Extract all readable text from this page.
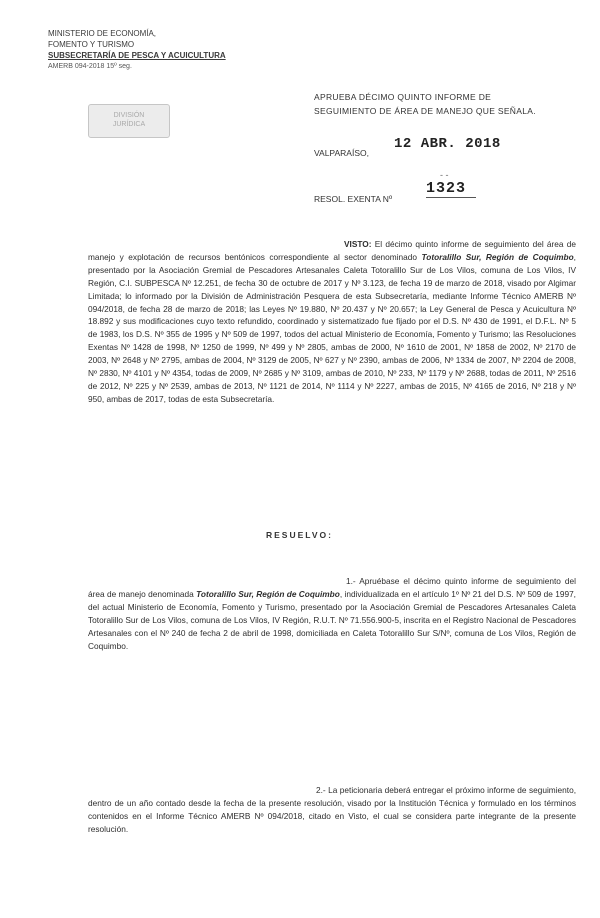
MINISTERIO DE ECONOMÍA,
FOMENTO Y TURISMO
SUBSECRETARÍA DE PESCA Y ACUICULTURA
AMERB 094-2018 15º seg.
DIVISIÓN
JURÍDICA
APRUEBA DÉCIMO QUINTO INFORME DE SEGUIMIENTO DE ÁREA DE MANEJO QUE SEÑALA.
VALPARAÍSO,
12 ABR. 2018
- -
RESOL. EXENTA Nº
1323
VISTO: El décimo quinto informe de seguimiento del área de manejo y explotación de recursos bentónicos correspondiente al sector denominado Totoralillo Sur, Región de Coquimbo, presentado por la Asociación Gremial de Pescadores Artesanales Caleta Totoralillo Sur de Los Vilos, comuna de Los Vilos, IV Región, C.I. SUBPESCA Nº 12.251, de fecha 30 de octubre de 2017 y Nº 3.123, de fecha 19 de marzo de 2018, visado por Algimar Limitada; lo informado por la División de Administración Pesquera de esta Subsecretaría, mediante Informe Técnico AMERB Nº 094/2018, de fecha 28 de marzo de 2018; las Leyes Nº 19.880, Nº 20.437 y Nº 20.657; la Ley General de Pesca y Acuicultura Nº 18.892 y sus modificaciones cuyo texto refundido, coordinado y sistematizado fue fijado por el D.S. Nº 430 de 1991, el D.F.L. Nº 5 de 1983, los D.S. Nº 355 de 1995 y Nº 509 de 1997, todos del actual Ministerio de Economía, Fomento y Turismo; las Resoluciones Exentas Nº 1428 de 1998, Nº 1250 de 1999, Nº 499 y Nº 2805, ambas de 2000, Nº 1610 de 2001, Nº 1858 de 2002, Nº 2170 de 2003, Nº 2648 y Nº 2795, ambas de 2004, Nº 3129 de 2005, Nº 627 y Nº 2390, ambas de 2006, Nº 1334 de 2007, Nº 2204 de 2008, Nº 2830, Nº 4101 y Nº 4354, todas de 2009, Nº 2685 y Nº 3109, ambas de 2010, Nº 233, Nº 1179 y Nº 2688, todas de 2011, Nº 2516 de 2012, Nº 225 y Nº 2539, ambas de 2013, Nº 1121 de 2014, Nº 1114 y Nº 2227, ambas de 2015, Nº 4165 de 2016, Nº 218 y Nº 950, ambas de 2017, todas de esta Subsecretaría.
RESUELVO:
1.- Apruébase el décimo quinto informe de seguimiento del área de manejo denominada Totoralillo Sur, Región de Coquimbo, individualizada en el artículo 1º Nº 21 del D.S. Nº 509 de 1997, del actual Ministerio de Economía, Fomento y Turismo, presentado por la Asociación Gremial de Pescadores Artesanales Caleta Totoralillo Sur de Los Vilos, comuna de Los Vilos, IV Región, R.U.T. Nº 71.556.900-5, inscrita en el Registro Nacional de Pescadores Artesanales con el Nº 240 de fecha 2 de abril de 1998, domiciliada en Caleta Totoralillo Sur S/Nº, comuna de Los Vilos, Región de Coquimbo.
2.- La peticionaria deberá entregar el próximo informe de seguimiento, dentro de un año contado desde la fecha de la presente resolución, visado por la Institución Técnica y formulado en los términos contenidos en el Informe Técnico AMERB Nº 094/2018, citado en Visto, el cual se considera parte integrante de la presente resolución.
